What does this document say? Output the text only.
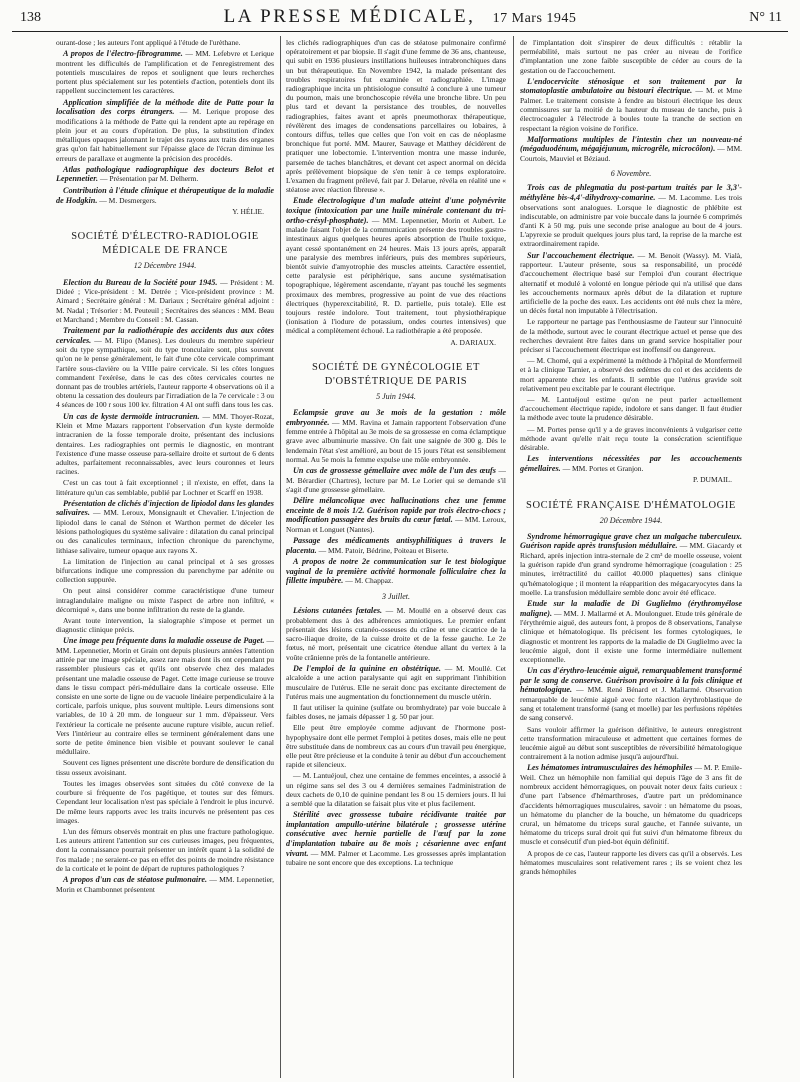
138	LA PRESSE MÉDICALE, 17 Mars 1945	N° 11

ourant-dose ; les auteurs l'ont appliqué à l'étude de l'urèthane.

A propos de l'électro-fibrogramme. — MM. Lefebvre et Lerique montrent les difficultés de l'amplification et de l'enregistrement des potentiels musculaires de repos et soulignent que leurs recherches portent plus spécialement sur les potentiels d'action, potentiels dont ils rappellent succinctement les caractères.

Application simplifiée de la méthode dite de Patte pour la localisation des corps étrangers. — M. Lerique propose des modifications à la méthode de Patte qui la rendent apte au repérage en plein jour et au cours d'opération. De plus, la substitution d'index métalliques opaques jalonnant le trajet des rayons aux traits des organes gras qu'on fait habituellement sur l'épaisse glace de l'écran diminue les erreurs de parallaxe et augmente la précision des procédés.

Atlas pathologique radiographique des docteurs Belot et Lepennetier. — Présentation par M. Delherm.

Contribution à l'étude clinique et thérapeutique de la maladie de Hodgkin. — M. Desmergers.

Y. HÉLIE.
SOCIÉTÉ D'ÉLECTRO-RADIOLOGIE MÉDICALE DE FRANCE
12 Décembre 1944.

Election du Bureau de la Société pour 1945. — Président : M. Dideé ; Vice-président : M. Detrée ; Vice-président province : M. Aimard ; Secrétaire général : M. Dariaux ; Secrétaire général adjoint : M. Nadal ; Trésorier : M. Peuteuil ; Secrétaires des séances : MM. Beau et Marchand ; Membre du Conseil : M. Cassan.

Traitement par la radiothérapie des accidents dus aux côtes cervicales. — M. Flipo (Manes). Les douleurs du membre supérieur soit du type sympathique, soit du type tronculaire sont, plus souvent qu'on ne le pense généralement, le fait d'une côte cervicale comprimant l'artère sous-clavière ou la VIIIe paire cervicale. Si les côtes longues commandent l'exérèse, dans le cas des côtes cervicales courtes ne donnant pas de troubles artériels, l'auteur rapporte 4 observations où il a obtenu la cessation des douleurs par l'irradiation de la 7e cervicale : 3 ou 4 séances de 100 r sous 100 kv. filtration 4 Al ont suffi dans tous les cas.

Un cas de kyste dermoïde intracranien. — MM. Thoyer-Rozat, Klein et Mme Mazars rapportent l'observation d'un kyste dermoïde intracranien de la fosse temporale droite, présentant des inclusions dentaires. Les radiographies ont permis le diagnostic, en montrant l'existence d'une masse osseuse para-sellaire droite et surtout de 6 dents adultes, parfaitement reconnaissables, avec leurs couronnes et leurs racines.

C'est un cas tout à fait exceptionnel ; il n'existe, en effet, dans la littérature qu'un cas semblable, publié par Lochner et Scarff en 1938.

Présentation de clichés d'injection de lipiodol dans les glandes salivaires. — MM. Leroux, Monsignault et Chevalier. L'injection de lipiodol dans le canal de Sténon et Warthon permet de déceler les lésions pathologiques du système salivaire : dilatation du canal principal ou des canalicules terminaux, infection chronique du parenchyme, lithiase salivaire, tumeur opaque aux rayons X.

La limitation de l'injection au canal principal et à ses grosses bifurcations indique une compression du parenchyme par adénite ou collection suppurée.

On peut ainsi considérer comme caractéristique d'une tumeur intraglandulaire maligne ou mixte l'aspect de arbre non infiltré, « décorniqué », dans une bonne infiltration du reste de la glande.

Avant toute intervention, la sialographie s'impose et permet un diagnostic clinique précis.

Une image peu fréquente dans la maladie osseuse de Paget. — MM. Lepennetier, Morin et Grain ont depuis plusieurs années l'attention attirée par une image spéciale, assez rare mais dont ils ont cependant pu rassembler plusieurs cas et qu'ils ont observée chez des malades présentant une maladie osseuse de Paget. Cette image curieuse se trouve dans le tissu compact péri-médullaire dans la corticale osseuse. Elle consiste en une sorte de ligne ou de vacuole linéaire perpendiculaire à la corticale, parfois unique, plus souvent multiple. Leurs dimensions sont variables, de 10 à 20 mm. de longueur sur 1 mm. d'épaisseur. Vers l'extérieur la corticale ne présente aucune rupture visible, aucun relief. Vers l'intérieur au contraire elles se terminent généralement dans une sorte de petite éminence bien visible et pouvant soulever le canal médullaire.

Souvent ces lignes présentent une discrète bordure de densification du tissu osseux avoisinant.

Toutes les images observées sont situées du côté convexe de la courbure si fréquente de l'os pagétique, et toutes sur des fémurs. Cependant leur localisation n'est pas spéciale à l'endroit le plus incurvé. De même leurs rapports avec les traits incurvés ne présentent pas ces images.

L'un des fémurs observés montrait en plus une fracture pathologique. Les auteurs attirent l'attention sur ces curieuses images, peu fréquentes, dont la connaissance pourrait présenter un intérêt quant à la solidité de l'os malade ; ne seraient-ce pas en effet des points de moindre résistance de la corticale et le point de départ de ruptures pathologiques ?

A propos d'un cas de stéatose pulmonaire. — MM. Lepennetier, Morin et Chambonnet présentent

les clichés radiographiques d'un cas de stéatose pulmonaire confirmé opératoirement et par biopsie. Il s'agit d'une femme de 36 ans, chanteuse, qui subit en 1936 plusieurs instillations huileuses intrabronchiques dans un but thérapeutique. En Novembre 1942, la malade présentant des troubles respiratoires fut examinée et radiographiée. L'image radiographique incita un phtisiologue consulté à conclure à une tumeur du poumon, mais une bronchoscopie révéla une bronche libre. Un peu plus tard et devant la persistance des troubles, de nouvelles radiographies, faites avant et après pneumothorax thérapeutique, révélèrent des images de condensations parcellaires ou lobaires, à contours diffus, telles que celles que l'on voit en cas de néoplasme bronchique fut porté. MM. Maurer, Sauvage et Matthey décidèrent de pratiquer une lobectomie. L'intervention montra une masse indurée, parsemée de taches blanchâtres, et devant cet aspect anormal on décida après prélèvement biopsique de s'en tenir à ce temps exploratoire. L'examen du fragment prélevé, fait par J. Delarue, révéla en réalité une « stéatose avec réaction fibreuse ».

Etude électrologique d'un malade atteint d'une polynévrite toxique (intoxication par une huile minérale contenant du tri-ortho-crésyl-phosphate). — MM. Lepennetier, Morin et Aubert. Le malade faisant l'objet de la communication présente des troubles gastro-intestinaux aigus quelques heures après absorption de l'huile toxique, ayant cessé spontanément en 24 heures. Mais 13 jours après, apparaît une paralysie des membres inférieurs, puis des membres supérieurs, bientôt suivie d'amyotrophie des muscles atteints. Caractère essentiel, cette paralysie est périphérique, sans aucune systématisation topographique, légèrement ascendante, n'ayant pas touché les segments proximaux des membres, progressive au point de vue des réactions électriques (hyperexcitabilité, R. D. partielle, puis totale). Elle est toujours restée indolore. Tout traitement, tout physiothérapique (ionisation à l'iodure de potassium, ondes courtes intensives) que médical a complètement échoué. La radiothérapie a été proposée.

A. DARIAUX.
SOCIÉTÉ DE GYNÉCOLOGIE ET D'OBSTÉTRIQUE DE PARIS
5 Juin 1944.

Eclampsie grave au 3e mois de la gestation : môle embryonnée. — MM. Ravina et Jamain rapportent l'observation d'une femme entrée à l'hôpital au 3e mois de sa grossesse en coma éclamptique grave avec albuminurie massive. On fait une saignée de 300 g. Dès le lendemain l'état s'est amélioré, au bout de 15 jours l'état est sensiblement normal. Au 5e mois la femme expulse une môle embryonnée.

Un cas de grossesse gémellaire avec môle de l'un des œufs — M. Bérardier (Chartres), lecture par M. Le Lorier qui se demande s'il s'agit d'une grossesse gémellaire.

Délire mélancolique avec hallucinations chez une femme enceinte de 8 mois 1/2. Guérison rapide par trois électro-chocs ; modification passagère des bruits du cœur fœtal. — MM. Leroux, Norman et Longuet (Nantes).

Passage des médicaments antisyphilitiques à travers le placenta. — MM. Patoir, Bédrine, Poiteau et Biserte.

A propos de notre 2e communication sur le test biologique vaginal de la première activité hormonale folliculaire chez la fillette impubère. — M. Chappaz.

3 Juillet.

Lésions cutanées fœtales. — M. Moullé en a observé deux cas probablement dus à des adhérences amniotiques. Le premier enfant présentait des lésions cutanéo-osseuses du crâne et une cicatrice de la sacro-iliaque droite, de la cuisse droite et de la fesse gauche. Le 2e fœtus, né mort, présentait une cicatrice étendue allant du vertex à la voûte crânienne près de la fontanelle antérieure.

De l'emploi de la quinine en obstétrique. — M. Moullé. Cet alcaloïde a une action paralysante qui agit en supprimant l'inhibition musculaire de l'utérus. Elle ne serait donc pas excitante directement de l'utérus mais une augmentation du fonctionnement du muscle utérin.

Il faut utiliser la quinine (sulfate ou bromhydrate) par voie buccale à faibles doses, ne jamais dépasser 1 g. 50 par jour.

Elle peut être employée comme adjuvant de l'hormone post-hypophysaire dont elle permet l'emploi à petites doses, mais elle ne peut être substituée dans de nombreux cas au cours d'un travail peu énergique, elle peut être précieuse et la conduite à tenir au début d'un accouchement rapide et silencieux.

— M. Lantuéjoul, chez une centaine de femmes enceintes, a associé à un régime sans sel des 3 ou 4 dernières semaines l'administration de deux cachets de 0,10 de quinine pendant les 8 ou 15 derniers jours. Il lui a semblé que la dilatation se faisait plus vite et plus facilement.

Stérilité avec grossesse tubaire récidivante traitée par implantation ampullo-utérine bilatérale ; grossesse utérine consécutive avec hernie partielle de l'œuf par la zone d'implantation tubaire au 8e mois ; césarienne avec enfant vivant. — MM. Palmer et Lacomme. Les grossesses après implantation tubaire ne sont encore que des exceptions. La technique

de l'implantation doit s'inspirer de deux difficultés : rétablir la perméabilité, mais surtout ne pas créer au niveau de l'orifice d'implantation une zone faible susceptible de céder au cours de la gestation ou de l'accouchement.

L'endocervicite sténosique et son traitement par la stomatoplastie ambulatoire au bistouri électrique. — M. et Mme Palmer. Le traitement consiste à fendre au bistouri électrique les deux commissures sur la moitié de la hauteur du museau de tanche, puis à électrocoaguler à l'électrode à boules toute la tranche de section en respectant la région voisine de l'orifice.

Malformations multiples de l'intestin chez un nouveau-né (mégaduodénum, mégajéjunum, microgrêle, microcôlon). — MM. Courtois, Mauviel et Béziaud.

6 Novembre.

Trois cas de phlegmatia du post-partum traités par le 3,3'-méthylène bis-4,4'-dihydroxy-comarine. — M. Lacomme. Les trois observations sont analogues. Lorsque le diagnostic de phlébite est indiscutable, on administre par voie buccale dans la journée 6 comprimés d'anti K à 50 mg. puis une seconde prise analogue au bout de 4 jours. L'apyrexie se produit quelques jours plus tard, la reprise de la marche est extraordinairement rapide.

Sur l'accouchement électrique. — M. Benoit (Wassy). M. Vialà, rapporteur. L'auteur présente, sous sa responsabilité, un procédé d'accouchement électrique basé sur l'emploi d'un courant électrique alternatif et modulé à volonté en longue période qui n'a utilisé que dans les accouchements normaux après début de la dilatation et rupture artificielle de la poche des eaux. Les accidents ont été nuls chez la mère, un décès fœtal non imputable à l'électrisation.

Le rapporteur ne partage pas l'enthousiasme de l'auteur sur l'innocuité de la méthode, surtout avec le courant électrique actuel et pense que des recherches devraient être faites dans un grand service hospitalier pour préciser si l'accouchement électrique est inoffensif ou dangereux.

— M. Chomé, qui a expérimenté la méthode à l'hôpital de Montfermeil et à la clinique Tarnier, a observé des œdèmes du col et des accidents de mort apparente chez les enfants. Il semble que l'utérus gravide soit relativement peu excitable par le courant électrique.

— M. Lantuéjoul estime qu'on ne peut parler actuellement d'accouchement électrique rapide, indolore et sans danger. Il faut étudier la méthode avec toute la prudence désirable.

— M. Portes pense qu'il y a de graves inconvénients à vulgariser cette méthode avant qu'elle n'ait reçu toute la consécration scientifique désirable.

Les interventions nécessitées par les accouchements gémellaires. — MM. Portes et Granjon.

P. DUMAIL.
SOCIÉTÉ FRANÇAISE D'HÉMATOLOGIE
20 Décembre 1944.

Syndrome hémorragique grave chez un malgache tuberculeux. Guérison rapide après transfusion médullaire. — MM. Giacardy et Richard, après injection intra-sternale de 2 cm³ de moelle osseuse, voient la guérison rapide d'un grand syndrome hémorragique (coagulation : 25 minutes, irrétractilité du caillot 40.000 plaquettes) sans clinique qu'hématologique ; il montent la réapparition des mégacaryocytes dans la moelle. La transfusion médullaire semble donc avoir été efficace.

Etude sur la maladie de Di Guglielmo (érythromyélose maligne). — MM. J. Mallarmé et A. Moulonguet. Etude très générale de l'érythrémie aiguë, des auteurs font, à propos de 8 observations, l'analyse clinique et hématologique. Ils précisent les formes cytologiques, le diagnostic et montrent les rapports de la maladie de Di Guglielmo avec la leucémie aiguë, dont il existe une forme intermédiaire nullement exceptionnelle.

Un cas d'érythro-leucémie aiguë, remarquablement transformé par le sang de conserve. Guérison provisoire à la fois clinique et hématologique. — MM. René Bénard et J. Mallarmé. Observation remarquable de leucémie aiguë avec forte réaction érythroblastique de sang et totalement transformé (sang et moelle) par les perfusions répétées de sang conservé.

Sans vouloir affirmer la guérison définitive, le auteurs enregistrent cette transformation miraculeuse et admettent que certaines formes de leucémie aiguë au début sont susceptibles de réversibilité hématologique contrairement à la notion admise jusqu'à aujourd'hui.

Les hématomes intramusculaires des hémophiles — M. P. Emile-Weil. Chez un hémophile non familial qui depuis l'âge de 3 ans fit de nombreux accident hémorragiques, on pouvait noter deux faits curieux : d'une part l'absence d'hémarthroses, d'autre part un prédominance d'accidents hémorragiques musculaires, savoir : un hématome du psoas, un hématome du plancher de la bouche, un hématome du quadriceps crural, un hématome du triceps sural gauche, et l'année suivante, un hématome du triceps sural droit qui fut suivi d'un hématome fibreux du muscle et consécutif d'un pied-bot équin définitif.

A propos de ce cas, l'auteur rapporte les divers cas qu'il a observés. Les hématomes musculaires sont relativement rares ; ils se voient chez les grands hémophiles
